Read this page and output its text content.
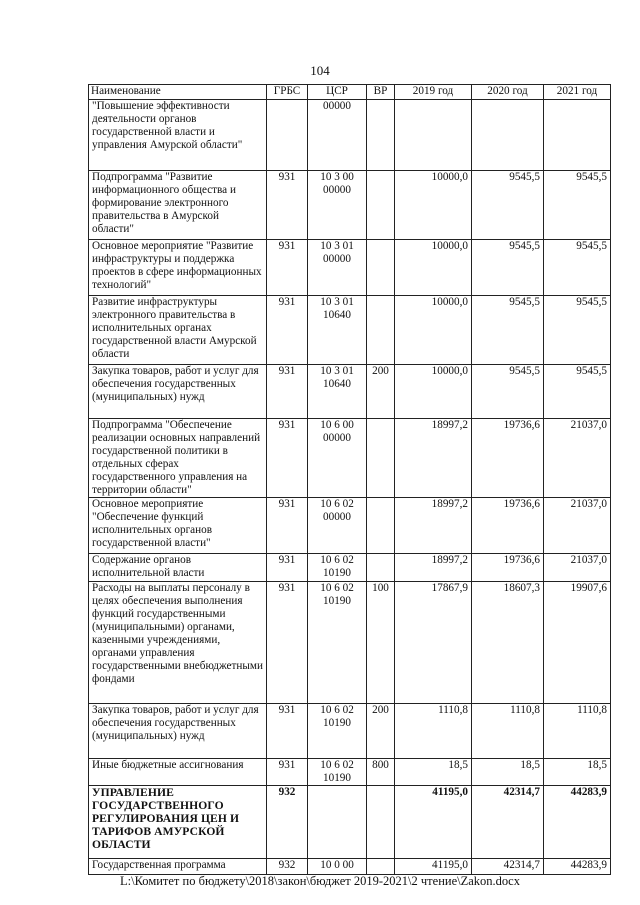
104
Наименование	ГРБС	ЦСР	ВР	2019 год	2020 год	2021 год
"Повышение эффективности деятельности органов государственной власти и управления Амурской области"		00000				
Подпрограмма "Развитие информационного общества и формирование электронного правительства в Амурской области"	931	10 3 00 00000		10000,0	9545,5	9545,5
Основное мероприятие "Развитие инфраструктуры и поддержка проектов в сфере информационных технологий"	931	10 3 01 00000		10000,0	9545,5	9545,5
Развитие инфраструктуры электронного правительства в исполнительных органах государственной власти Амурской области	931	10 3 01 10640		10000,0	9545,5	9545,5
Закупка товаров, работ и услуг для обеспечения государственных (муниципальных) нужд	931	10 3 01 10640	200	10000,0	9545,5	9545,5
Подпрограмма "Обеспечение реализации основных направлений государственной политики в отдельных сферах государственного управления на территории области"	931	10 6 00 00000		18997,2	19736,6	21037,0
Основное мероприятие "Обеспечение функций исполнительных органов государственной власти"	931	10 6 02 00000		18997,2	19736,6	21037,0
Содержание органов исполнительной власти	931	10 6 02 10190		18997,2	19736,6	21037,0
Расходы на выплаты персоналу в целях обеспечения выполнения функций государственными (муниципальными) органами, казенными учреждениями, органами управления государственными внебюджетными фондами	931	10 6 02 10190	100	17867,9	18607,3	19907,6
Закупка товаров, работ и услуг для обеспечения государственных (муниципальных) нужд	931	10 6 02 10190	200	1110,8	1110,8	1110,8
Иные бюджетные ассигнования	931	10 6 02 10190	800	18,5	18,5	18,5
УПРАВЛЕНИЕ ГОСУДАРСТВЕННОГО РЕГУЛИРОВАНИЯ ЦЕН И ТАРИФОВ АМУРСКОЙ ОБЛАСТИ	932			41195,0	42314,7	44283,9
Государственная программа	932	10 0 00		41195,0	42314,7	44283,9
L:\Комитет по бюджету\2018\закон\бюджет 2019-2021\2 чтение\Zakon.docx
